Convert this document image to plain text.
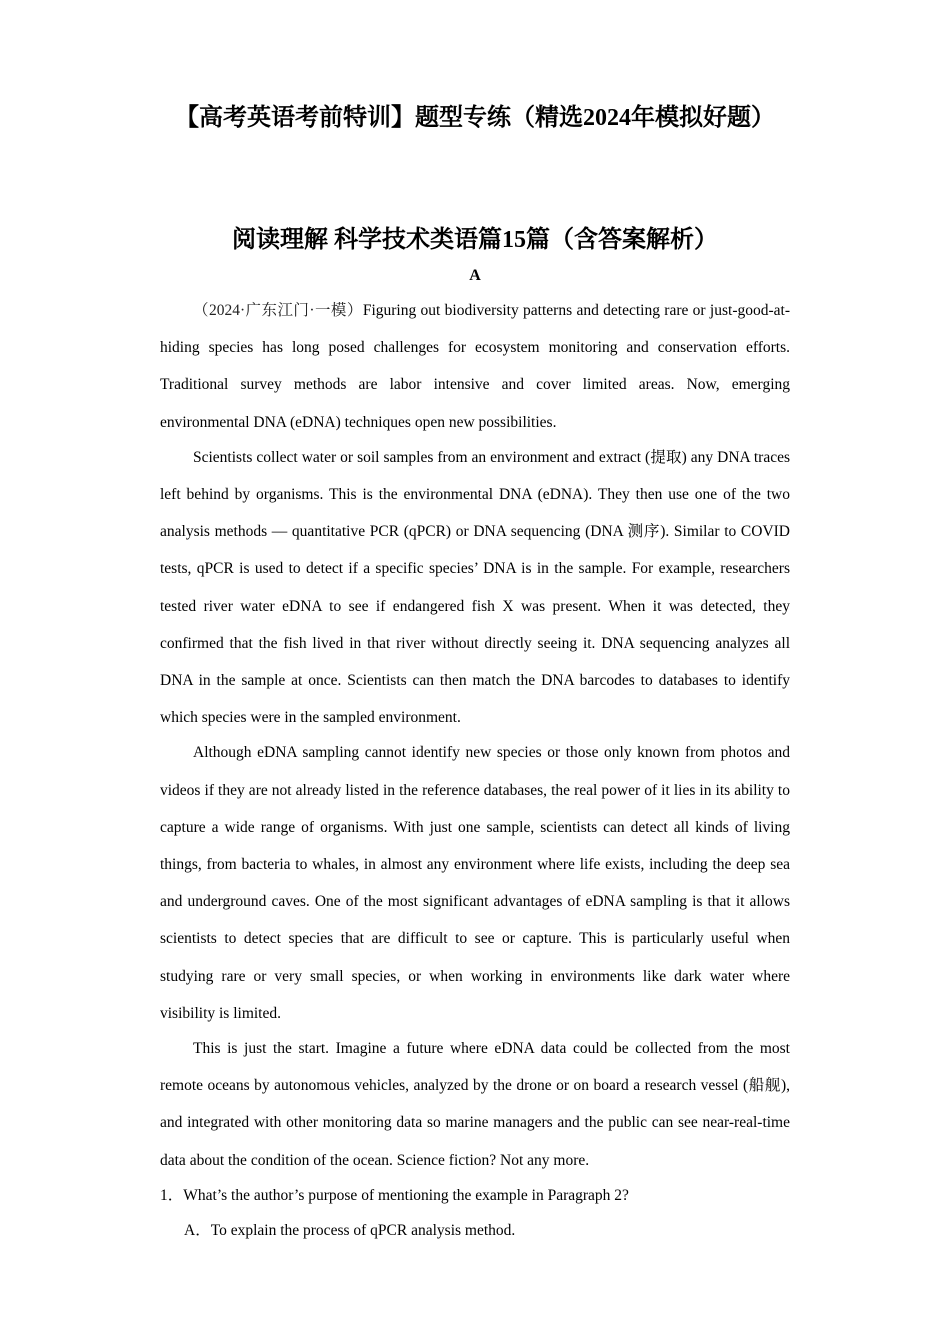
【高考英语考前特训】题型专练（精选2024年模拟好题）
阅读理解 科学技术类语篇15篇（含答案解析）
A

（2024·广东江门·一模）Figuring out biodiversity patterns and detecting rare or just-good-at-hiding species has long posed challenges for ecosystem monitoring and conservation efforts. Traditional survey methods are labor intensive and cover limited areas. Now, emerging environmental DNA (eDNA) techniques open new possibilities.

Scientists collect water or soil samples from an environment and extract (提取) any DNA traces left behind by organisms. This is the environmental DNA (eDNA). They then use one of the two analysis methods — quantitative PCR (qPCR) or DNA sequencing (DNA 测序). Similar to COVID tests, qPCR is used to detect if a specific species’ DNA is in the sample. For example, researchers tested river water eDNA to see if endangered fish X was present. When it was detected, they confirmed that the fish lived in that river without directly seeing it. DNA sequencing analyzes all DNA in the sample at once. Scientists can then match the DNA barcodes to databases to identify which species were in the sampled environment.

Although eDNA sampling cannot identify new species or those only known from photos and videos if they are not already listed in the reference databases, the real power of it lies in its ability to capture a wide range of organisms. With just one sample, scientists can detect all kinds of living things, from bacteria to whales, in almost any environment where life exists, including the deep sea and underground caves. One of the most significant advantages of eDNA sampling is that it allows scientists to detect species that are difficult to see or capture. This is particularly useful when studying rare or very small species, or when working in environments like dark water where visibility is limited.

This is just the start. Imagine a future where eDNA data could be collected from the most remote oceans by autonomous vehicles, analyzed by the drone or on board a research vessel (船舰), and integrated with other monitoring data so marine managers and the public can see near-real-time data about the condition of the ocean. Science fiction? Not any more.

1．What’s the author’s purpose of mentioning the example in Paragraph 2?

A．To explain the process of qPCR analysis method.
